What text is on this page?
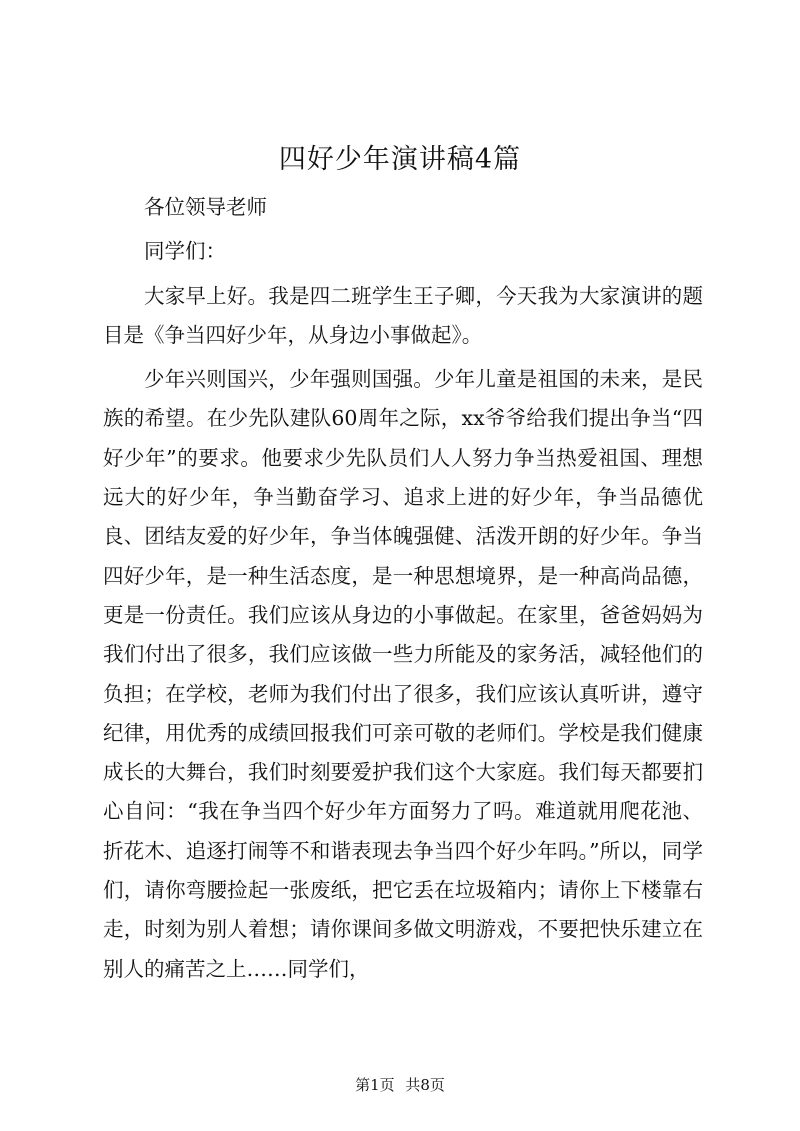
四好少年演讲稿4篇

各位领导老师

同学们：

大家早上好。我是四二班学生王子卿，今天我为大家演讲的题目是《争当四好少年，从身边小事做起》。

少年兴则国兴，少年强则国强。少年儿童是祖国的未来，是民族的希望。在少先队建队60周年之际，xx爷爷给我们提出争当“四好少年”的要求。他要求少先队员们人人努力争当热爱祖国、理想远大的好少年，争当勤奋学习、追求上进的好少年，争当品德优良、团结友爱的好少年，争当体魄强健、活泼开朗的好少年。争当四好少年，是一种生活态度，是一种思想境界，是一种高尚品德，更是一份责任。我们应该从身边的小事做起。在家里，爸爸妈妈为我们付出了很多，我们应该做一些力所能及的家务活，减轻他们的负担；在学校，老师为我们付出了很多，我们应该认真听讲，遵守纪律，用优秀的成绩回报我们可亲可敬的老师们。学校是我们健康成长的大舞台，我们时刻要爱护我们这个大家庭。我们每天都要扪心自问：“我在争当四个好少年方面努力了吗。难道就用爬花池、折花木、追逐打闹等不和谐表现去争当四个好少年吗。”所以，同学们，请你弯腰捡起一张废纸，把它丢在垃圾箱内；请你上下楼靠右走，时刻为别人着想；请你课间多做文明游戏，不要把快乐建立在别人的痛苦之上……同学们，

第1页 共8页
